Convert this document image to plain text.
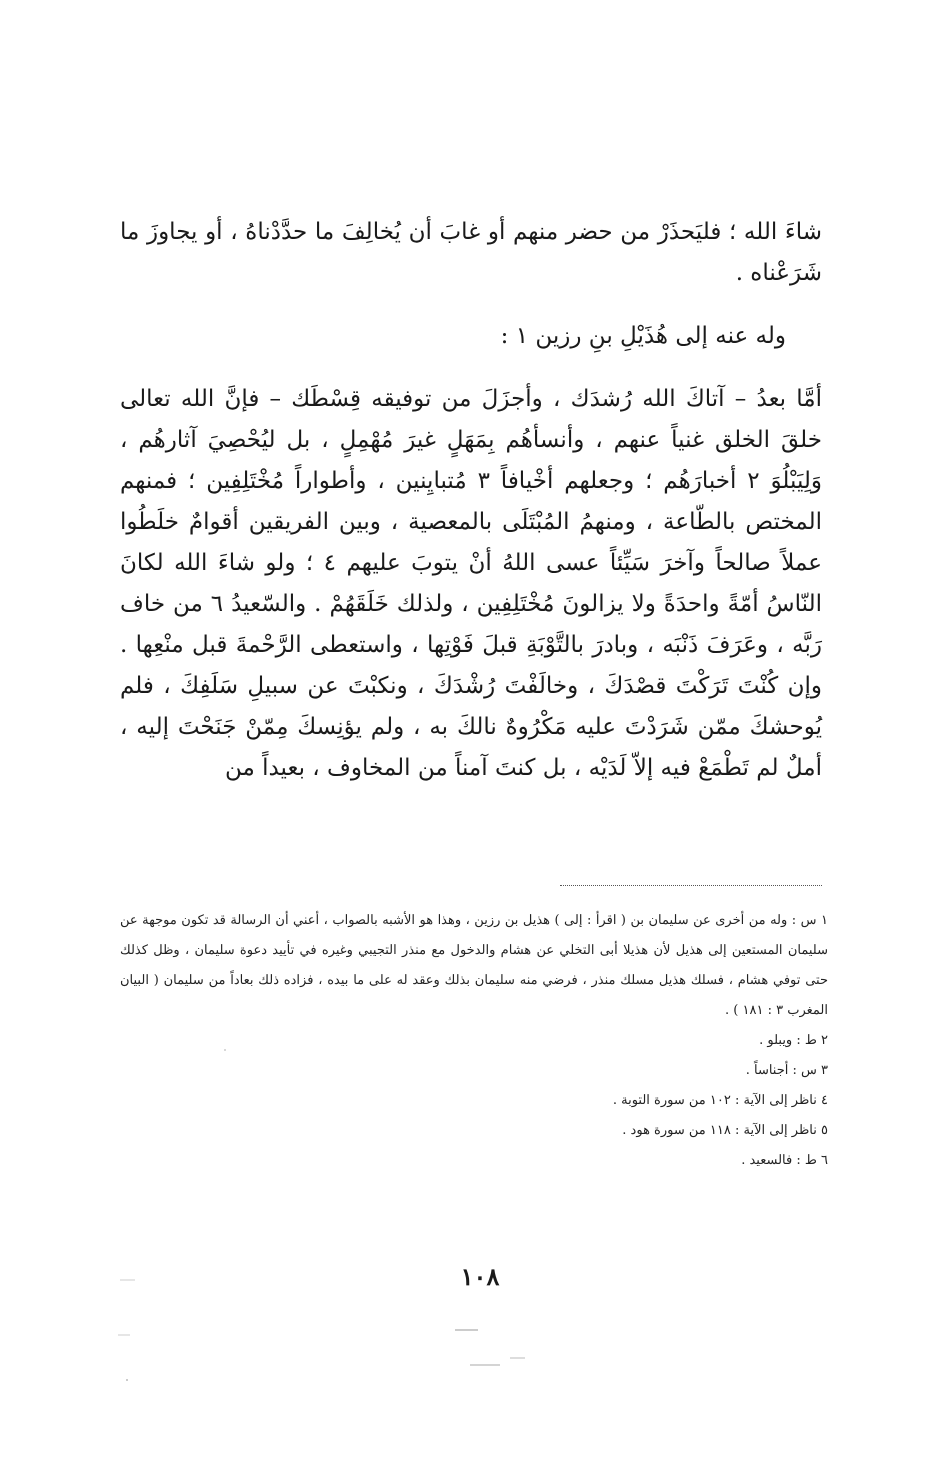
شاءَ الله ؛ فليَحذَرْ من حضر منهم أو غابَ أن يُخالِفَ ما حدَّدْناهُ ، أو يجاوزَ ما شَرَعْناه .

وله عنه إلى هُذَيْلِ بنِ رزين ١ :

أمَّا بعدُ – آتاكَ الله رُشدَك ، وأجزَلَ من توفيقه قِسْطَك – فإنَّ الله تعالى خلقَ الخلق غنياً عنهم ، وأنسأهُم بِمَهَلٍ غيرَ مُهْمِلٍ ، بل ليُحْصِيَ آثارهُم ، وَلِيَبْلُوَ ٢ أخبارَهُم ؛ وجعلهم أخْيافاً ٣ مُتبايِنين ، وأطواراً مُخْتَلِفِين ؛ فمنهم المختص بالطّاعة ، ومنهمُ المُبْتَلَى بالمعصية ، وبين الفريقين أقوامٌ خلَطُوا عملاً صالحاً وآخرَ سَيِّئاً عسى اللهُ أنْ يتوبَ عليهم ٤ ؛ ولو شاءَ الله لكانَ النّاسُ أمّةً واحدَةً ولا يزالونَ مُخْتَلِفِين ، ولذلك خَلَقَهُمْ . والسّعيدُ ٦ من خاف رَبَّه ، وعَرَفَ ذَنْبَه ، وبادرَ بالتَّوْبَةِ قبلَ فَوْتِها ، واستعطى الرَّحْمةَ قبل منْعِها . وإن كُنْتَ تَرَكْتَ قصْدَكَ ، وخالَفْتَ رُشْدَكَ ، ونكبْتَ عن سبيلِ سَلَفِكَ ، فلم يُوحشكَ ممّن شَرَدْتَ عليه مَكْرُوهٌ نالكَ به ، ولم يؤنِسكَ مِمّنْ جَنَحْتَ إليه ، أملٌ لم تَطْمَعْ فيه إلاّ لَدَيْه ، بل كنتَ آمناً من المخاوف ، بعيداً من

١ س : وله من أخرى عن سليمان بن ( اقرأ : إلى ) هذيل بن رزين ، وهذا هو الأشبه بالصواب ، أعني أن الرسالة قد تكون موجهة عن سليمان المستعين إلى هذيل لأن هذيلا أبى التخلي عن هشام والدخول مع منذر التجيبي وغيره في تأييد دعوة سليمان ، وظل كذلك حتى توفي هشام ، فسلك هذيل مسلك منذر ، فرضي منه سليمان بذلك وعقد له على ما بيده ، فزاده ذلك بعاداً من سليمان ( البيان المغرب ٣ : ١٨١ ) .

٢ ط : ويبلو .

٣ س : أجناساً .

٤ ناظر إلى الآية : ١٠٢ من سورة التوبة .

٥ ناظر إلى الآية : ١١٨ من سورة هود .

٦ ط : فالسعيد .

١٠٨
